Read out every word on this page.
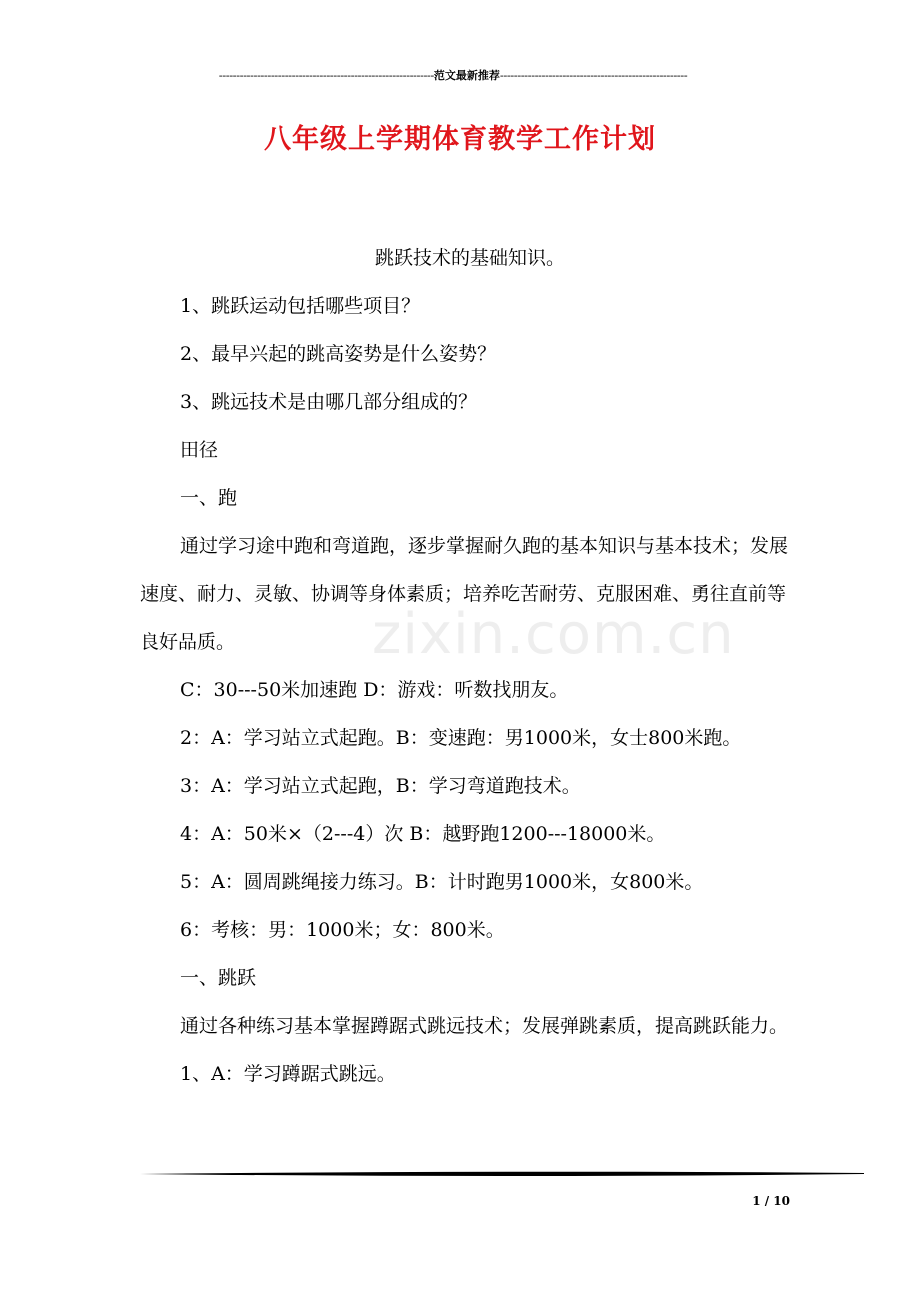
--------------------------------------------------------------范文最新推荐------------------------------------------------------
八年级上学期体育教学工作计划
zixin.com.cn

跳跃技术的基础知识。

1、跳跃运动包括哪些项目？

2、最早兴起的跳高姿势是什么姿势？

3、跳远技术是由哪几部分组成的？

田径

一、跑

通过学习途中跑和弯道跑，逐步掌握耐久跑的基本知识与基本技术；发展速度、耐力、灵敏、协调等身体素质；培养吃苦耐劳、克服困难、勇往直前等良好品质。

C：30---50米加速跑 D：游戏：听数找朋友。

2：A：学习站立式起跑。B：变速跑：男1000米，女士800米跑。

3：A：学习站立式起跑，B：学习弯道跑技术。

4：A：50米×（2---4）次 B：越野跑1200---18000米。

5：A：圆周跳绳接力练习。B：计时跑男1000米，女800米。

6：考核：男：1000米；女：800米。

一、跳跃

通过各种练习基本掌握蹲踞式跳远技术；发展弹跳素质，提高跳跃能力。

1、A：学习蹲踞式跳远。

1 / 10
